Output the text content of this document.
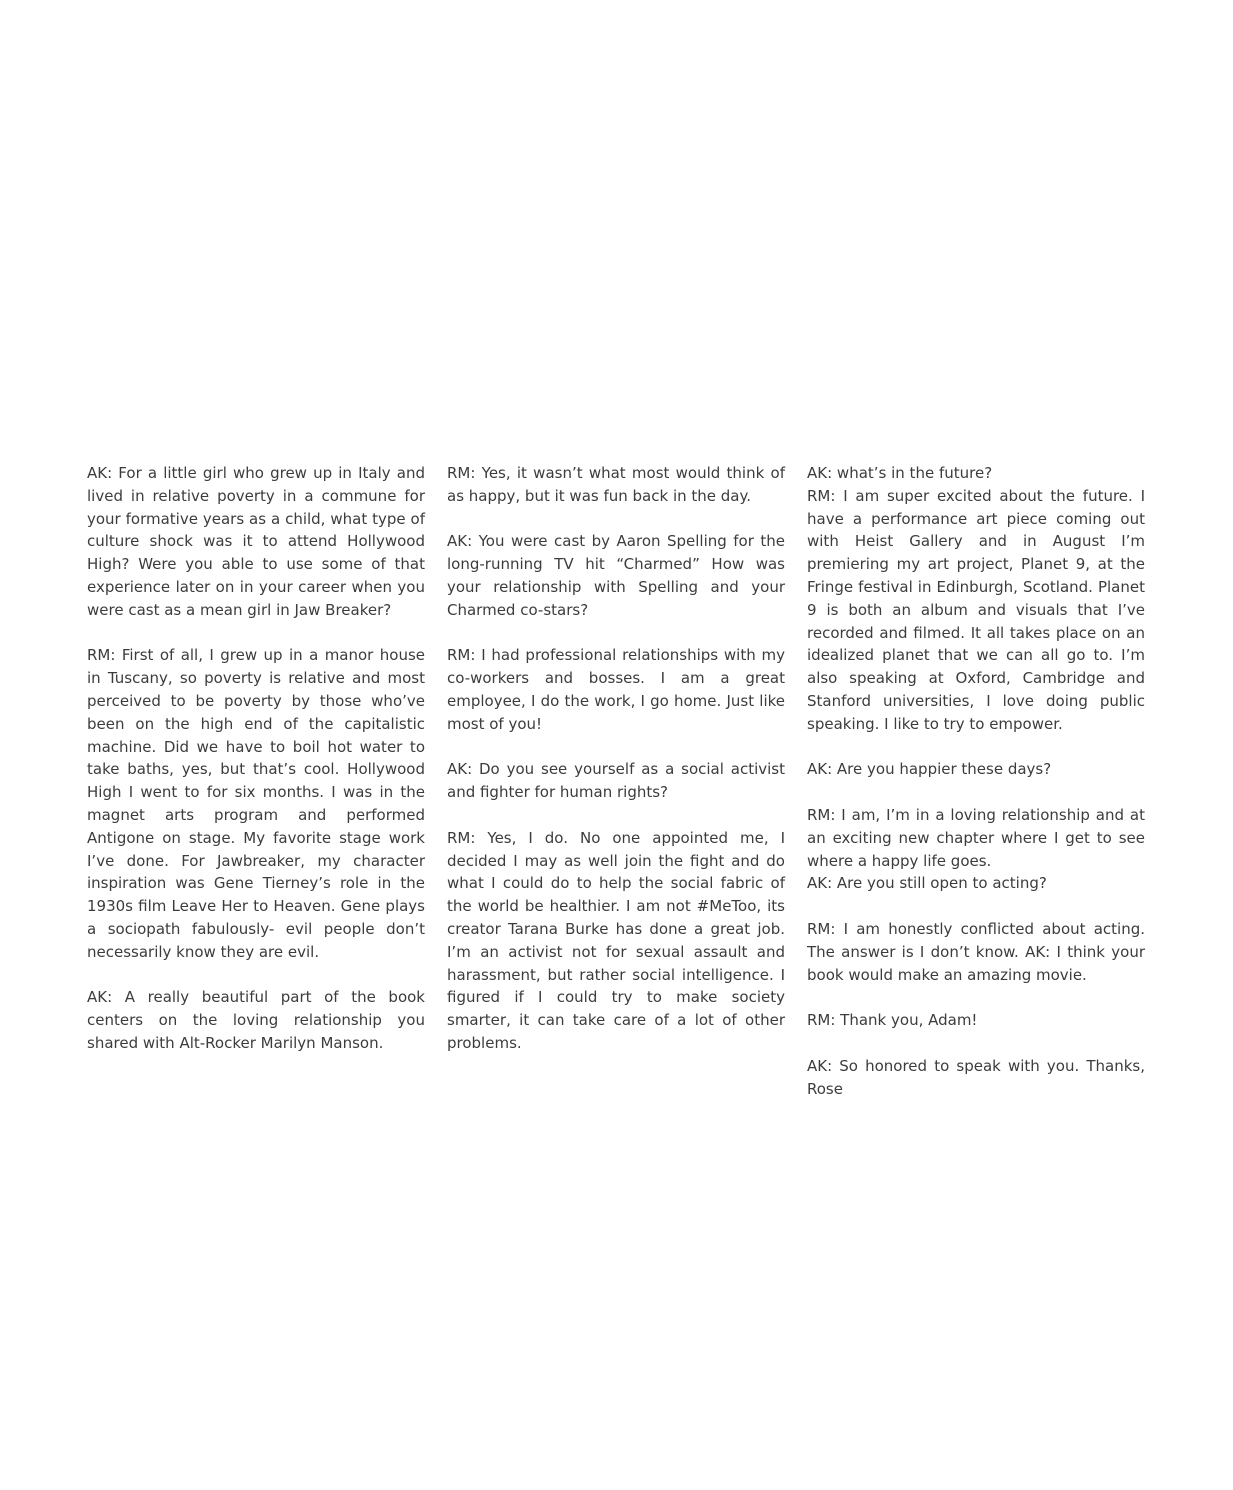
AK: For a little girl who grew up in Italy and lived in relative poverty in a commune for your formative years as a child, what type of culture shock was it to attend Hollywood High? Were you able to use some of that experience later on in your career when you were cast as a mean girl in Jaw Breaker?

RM: First of all, I grew up in a manor house in Tuscany, so poverty is relative and most perceived to be poverty by those who’ve been on the high end of the capitalistic machine. Did we have to boil hot water to take baths, yes, but that’s cool. Hollywood High I went to for six months. I was in the magnet arts program and performed Antigone on stage. My favorite stage work I’ve done. For Jawbreaker, my character inspiration was Gene Tierney’s role in the 1930s film Leave Her to Heaven. Gene plays a sociopath fabulously- evil people don’t necessarily know they are evil.

AK: A really beautiful part of the book centers on the loving relationship you shared with Alt-Rocker Marilyn Manson.

RM: Yes, it wasn’t what most would think of as happy, but it was fun back in the day.

AK: You were cast by Aaron Spelling for the long-running TV hit “Charmed” How was your relationship with Spelling and your Charmed co-stars?

RM: I had professional relationships with my co-workers and bosses. I am a great employee, I do the work, I go home. Just like most of you!

AK: Do you see yourself as a social activist and fighter for human rights?

RM: Yes, I do. No one appointed me, I decided I may as well join the fight and do what I could do to help the social fabric of the world be healthier. I am not #MeToo, its creator Tarana Burke has done a great job. I’m an activist not for sexual assault and harassment, but rather social intelligence. I figured if I could try to make society smarter, it can take care of a lot of other problems.

AK: what’s in the future?

RM: I am super excited about the future. I have a performance art piece coming out with Heist Gallery and in August I’m premiering my art project, Planet 9, at the Fringe festival in Edinburgh, Scotland. Planet 9 is both an album and visuals that I’ve recorded and filmed. It all takes place on an idealized planet that we can all go to. I’m also speaking at Oxford, Cambridge and Stanford universities, I love doing public speaking. I like to try to empower.

AK: Are you happier these days?

RM: I am, I’m in a loving relationship and at an exciting new chapter where I get to see where a happy life goes.

AK: Are you still open to acting?

RM: I am honestly conflicted about acting. The answer is I don’t know. AK: I think your book would make an amazing movie.

RM: Thank you, Adam!

AK: So honored to speak with you. Thanks, Rose
